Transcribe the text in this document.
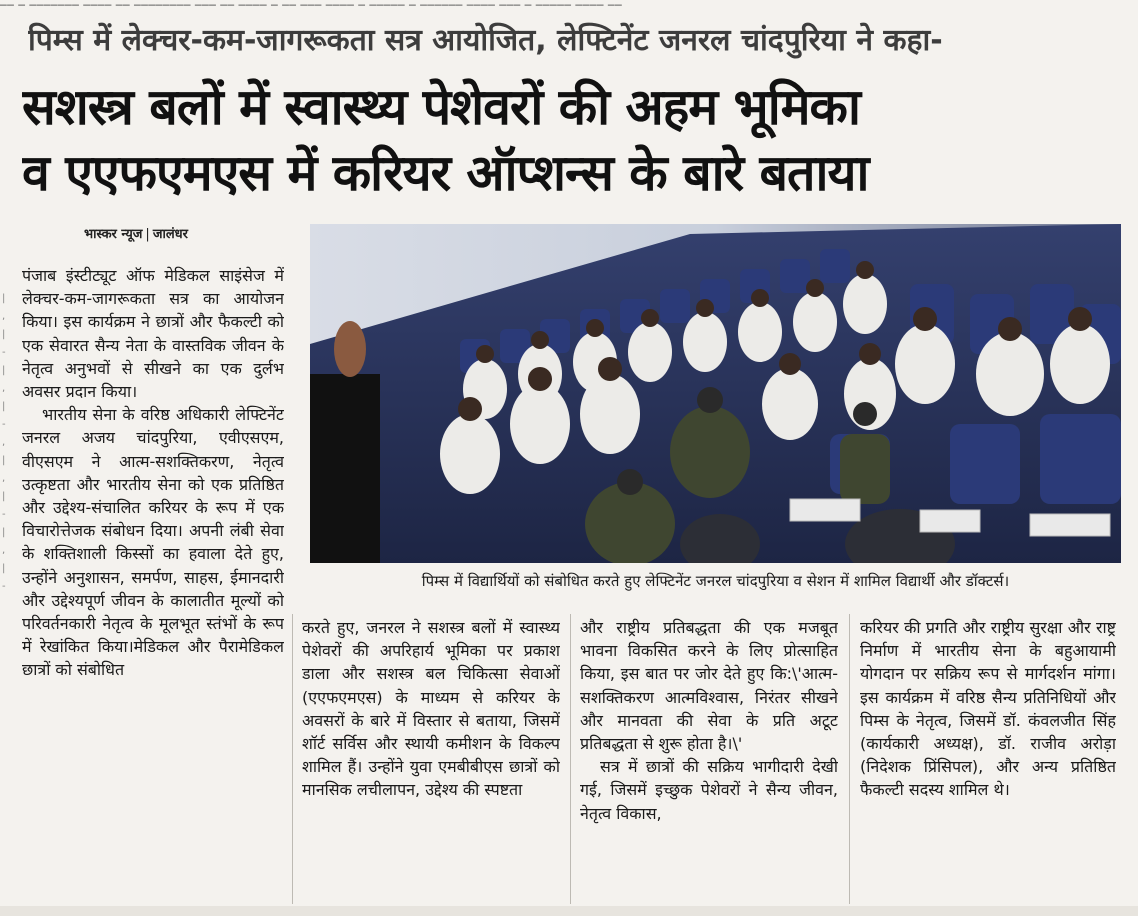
── ─ ─────── ──── ── ──────── ─── ── ──── ─ ── ─── ──── ─ ───── ─ ────── ──── ─── ─ ───── ──── ──
| ,
|
-
|
,
|
-
,
|
,
|
-
|
,
|
-
पिम्स में लेक्चर-कम-जागरूकता सत्र आयोजित, लेफ्टिनेंट जनरल चांदपुरिया ने कहा-
सशस्त्र बलों में स्वास्थ्य पेशेवरों की अहम भूमिका
व एएफएमएस में करियर ऑप्शन्स के बारे बताया
भास्कर न्यूज | जालंधर

पंजाब इंस्टीट्यूट ऑफ मेडिकल साइंसेज में लेक्चर-कम-जागरूकता सत्र का आयोजन किया। इस कार्यक्रम ने छात्रों और फैकल्टी को एक सेवारत सैन्य नेता के वास्तविक जीवन के नेतृत्व अनुभवों से सीखने का एक दुर्लभ अवसर प्रदान किया।

भारतीय सेना के वरिष्ठ अधिकारी लेफ्टिनेंट जनरल अजय चांदपुरिया, एवीएसएम, वीएसएम ने आत्म-सशक्तिकरण, नेतृत्व उत्कृष्टता और भारतीय सेना को एक प्रतिष्ठित और उद्देश्य-संचालित करियर के रूप में एक विचारोत्तेजक संबोधन दिया। अपनी लंबी सेवा के शक्तिशाली किस्सों का हवाला देते हुए, उन्होंने अनुशासन, समर्पण, साहस, ईमानदारी और उद्देश्यपूर्ण जीवन के कालातीत मूल्यों को परिवर्तनकारी नेतृत्व के मूलभूत स्तंभों के रूप में रेखांकित किया।मेडिकल और पैरामेडिकल छात्रों को संबोधित

पिम्स में विद्यार्थियों को संबोधित करते हुए लेफ्टिनेंट जनरल चांदपुरिया व सेशन में शामिल विद्यार्थी और डॉक्टर्स।

करते हुए, जनरल ने सशस्त्र बलों में स्वास्थ्य पेशेवरों की अपरिहार्य भूमिका पर प्रकाश डाला और सशस्त्र बल चिकित्सा सेवाओं (एएफएमएस) के माध्यम से करियर के अवसरों के बारे में विस्तार से बताया, जिसमें शॉर्ट सर्विस और स्थायी कमीशन के विकल्प शामिल हैं। उन्होंने युवा एमबीबीएस छात्रों को मानसिक लचीलापन, उद्देश्य की स्पष्टता

और राष्ट्रीय प्रतिबद्धता की एक मजबूत भावना विकसित करने के लिए प्रोत्साहित किया, इस बात पर जोर देते हुए कि:\'आत्म-सशक्तिकरण आत्मविश्वास, निरंतर सीखने और मानवता की सेवा के प्रति अटूट प्रतिबद्धता से शुरू होता है।\'

सत्र में छात्रों की सक्रिय भागीदारी देखी गई, जिसमें इच्छुक पेशेवरों ने सैन्य जीवन, नेतृत्व विकास,

करियर की प्रगति और राष्ट्रीय सुरक्षा और राष्ट्र निर्माण में भारतीय सेना के बहुआयामी योगदान पर सक्रिय रूप से मार्गदर्शन मांगा। इस कार्यक्रम में वरिष्ठ सैन्य प्रतिनिधियों और पिम्स के नेतृत्व, जिसमें डॉ. कंवलजीत सिंह (कार्यकारी अध्यक्ष), डॉ. राजीव अरोड़ा (निदेशक प्रिंसिपल), और अन्य प्रतिष्ठित फैकल्टी सदस्य शामिल थे।
